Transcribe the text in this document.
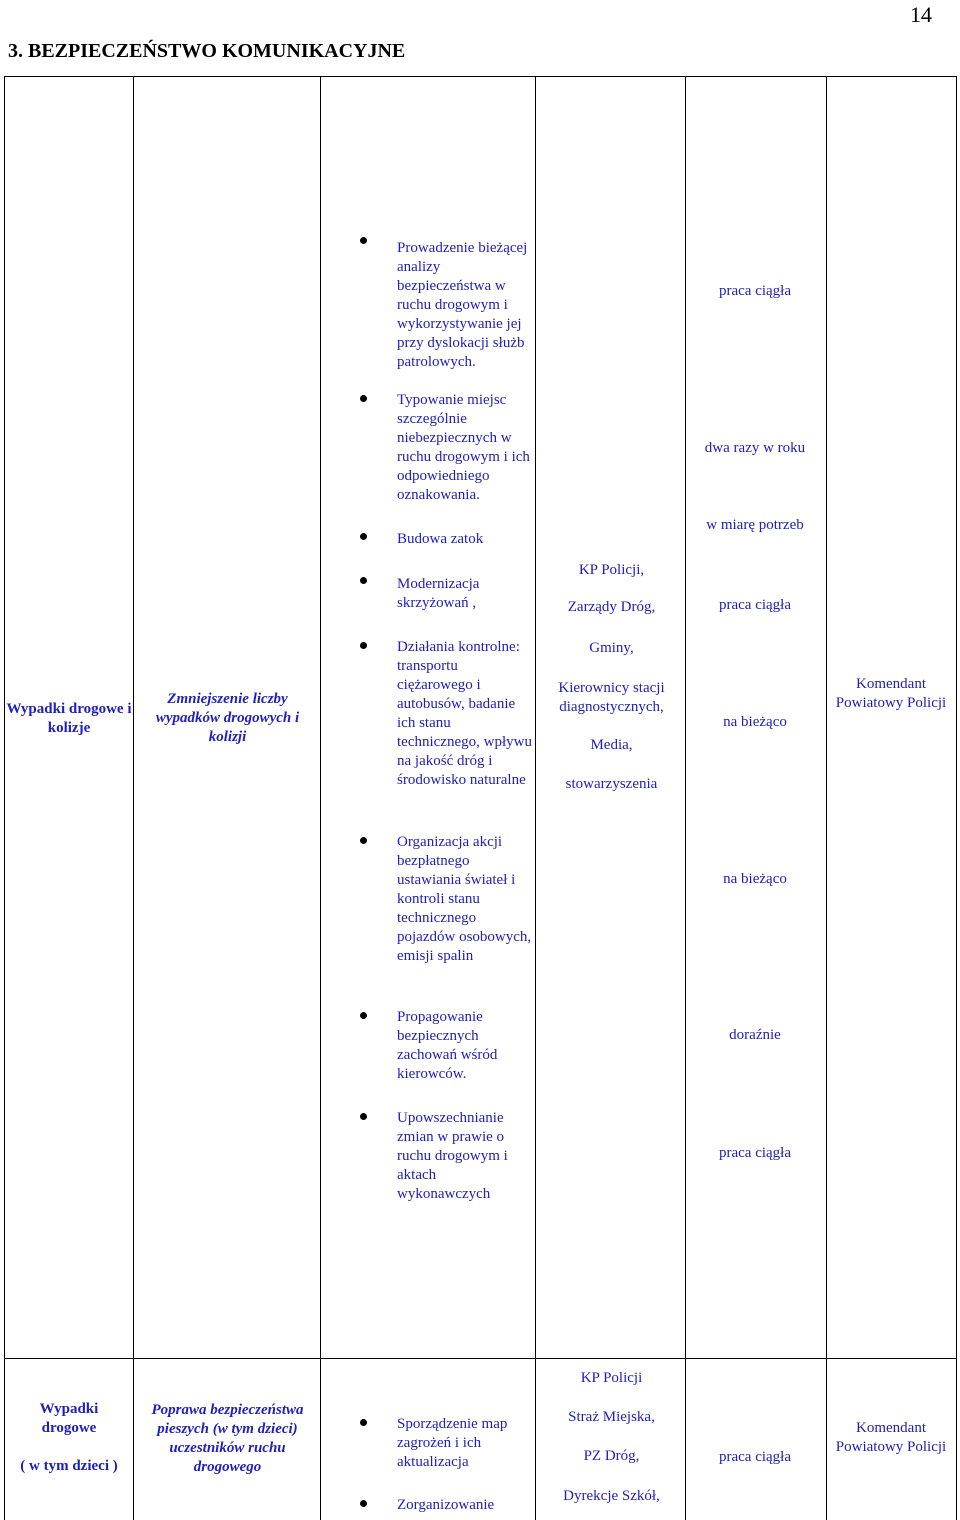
14
3. BEZPIECZEŃSTWO KOMUNIKACYJNE
Wypadki drogowe i kolizje
Zmniejszenie liczby wypadków drogowych i kolizji
Prowadzenie bieżącej analizy bezpieczeństwa w ruchu drogowym i wykorzystywanie jej przy dyslokacji służb patrolowych.
Typowanie miejsc szczególnie niebezpiecznych w ruchu drogowym i ich odpowiedniego oznakowania.
Budowa zatok
Modernizacja skrzyżowań ,
Działania kontrolne: transportu ciężarowego i autobusów, badanie ich stanu technicznego, wpływu na jakość dróg i środowisko naturalne
Organizacja akcji bezpłatnego ustawiania świateł i kontroli stanu technicznego pojazdów osobowych, emisji spalin
Propagowanie bezpiecznych zachowań wśród kierowców.
Upowszechnianie zmian w prawie o ruchu drogowym i aktach wykonawczych
KP Policji,
Zarządy Dróg,
Gminy,
Kierownicy stacji diagnostycznych,
Media,
stowarzyszenia
praca ciągła
dwa razy w roku
w miarę potrzeb
praca ciągła
na bieżąco
na bieżąco
doraźnie
praca ciągła
Komendant Powiatowy Policji
Wypadki
drogowe
( w tym dzieci )
Poprawa bezpieczeństwa pieszych (w tym dzieci) uczestników ruchu drogowego
Sporządzenie map zagrożeń i ich aktualizacja
Zorganizowanie
KP Policji
Straż Miejska,
PZ Dróg,
Dyrekcje Szkół,
praca ciągła
Komendant Powiatowy Policji
